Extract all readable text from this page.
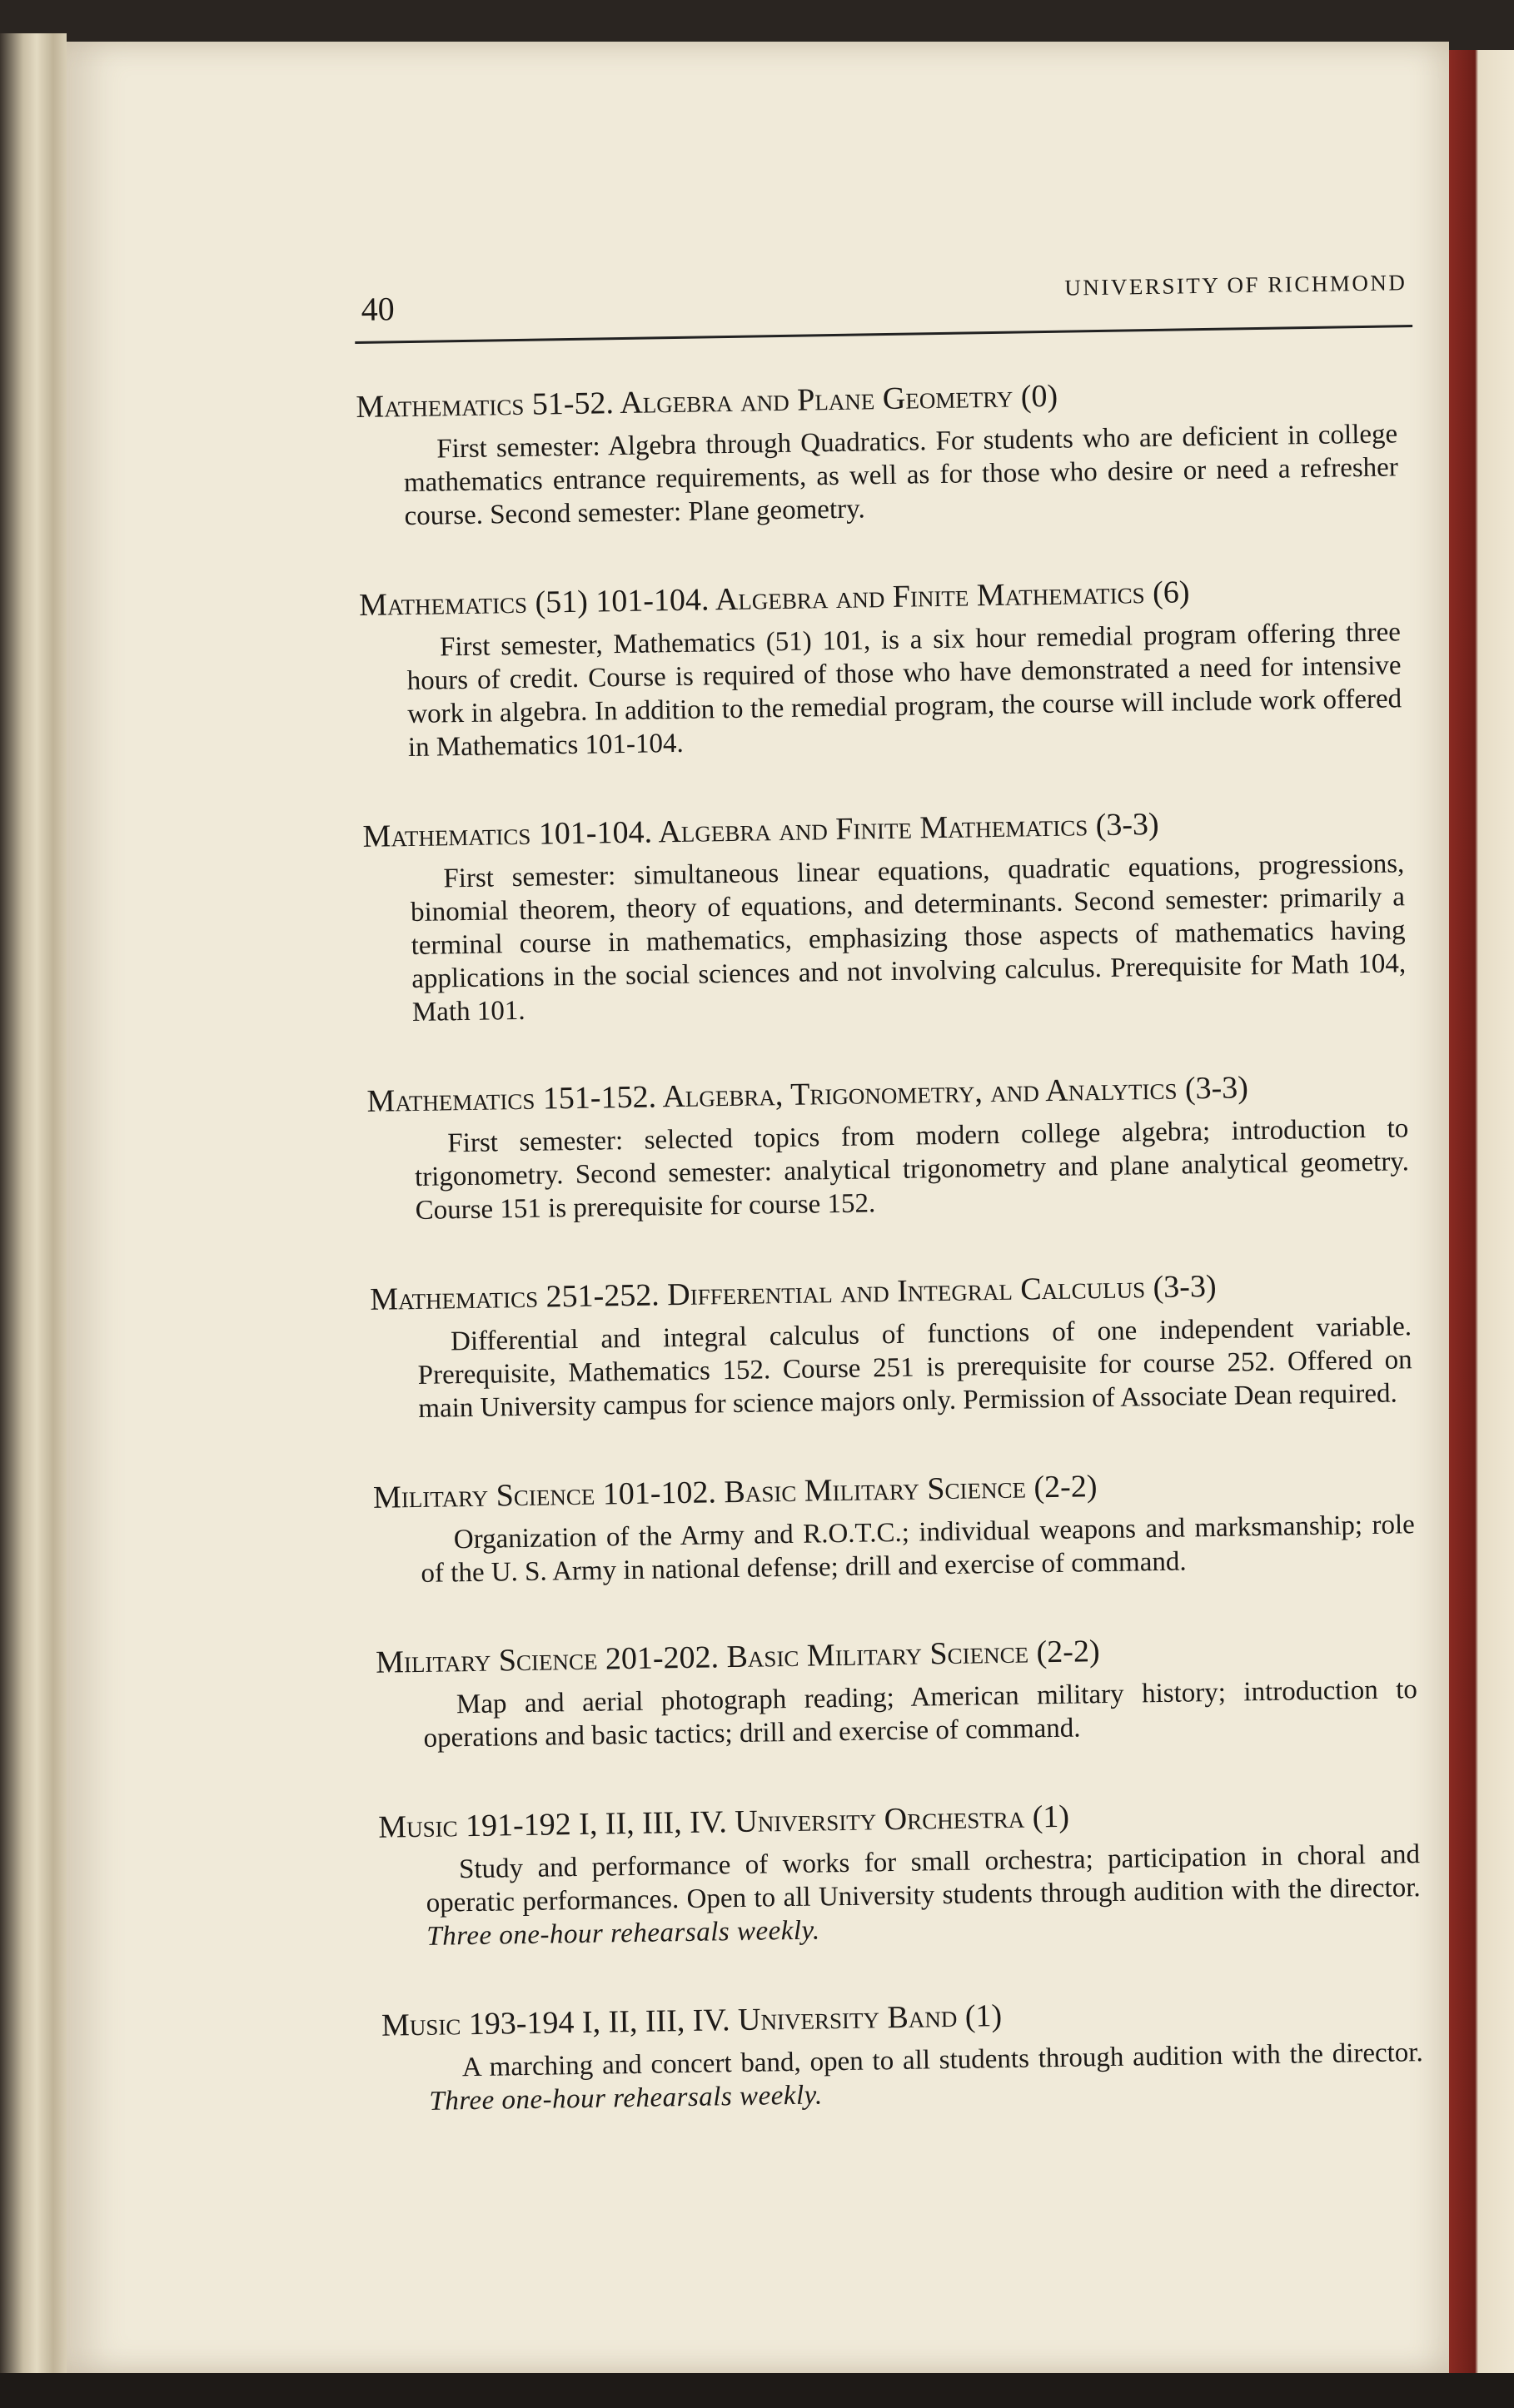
40
UNIVERSITY OF RICHMOND
Mathematics 51-52. Algebra and Plane Geometry (0)
First semester: Algebra through Quadratics. For students who are deficient in college mathematics entrance requirements, as well as for those who desire or need a refresher course. Second semester: Plane geometry.
Mathematics (51) 101-104. Algebra and Finite Mathematics (6)
First semester, Mathematics (51) 101, is a six hour remedial program offering three hours of credit. Course is required of those who have demonstrated a need for intensive work in algebra. In addition to the remedial program, the course will include work offered in Mathematics 101-104.
Mathematics 101-104. Algebra and Finite Mathematics (3-3)
First semester: simultaneous linear equations, quadratic equations, progressions, binomial theorem, theory of equations, and determinants. Second semester: primarily a terminal course in mathematics, emphasizing those aspects of mathematics having applications in the social sciences and not involving calculus. Prerequisite for Math 104, Math 101.
Mathematics 151-152. Algebra, Trigonometry, and Analytics (3-3)
First semester: selected topics from modern college algebra; introduction to trigonometry. Second semester: analytical trigonometry and plane analytical geometry. Course 151 is prerequisite for course 152.
Mathematics 251-252. Differential and Integral Calculus (3-3)
Differential and integral calculus of functions of one independent variable. Prerequisite, Mathematics 152. Course 251 is prerequisite for course 252. Offered on main University campus for science majors only. Permission of Associate Dean required.
Military Science 101-102. Basic Military Science (2-2)
Organization of the Army and R.O.T.C.; individual weapons and marksmanship; role of the U. S. Army in national defense; drill and exercise of command.
Military Science 201-202. Basic Military Science (2-2)
Map and aerial photograph reading; American military history; introduction to operations and basic tactics; drill and exercise of command.
Music 191-192 I, II, III, IV. University Orchestra (1)
Study and performance of works for small orchestra; participation in choral and operatic performances. Open to all University students through audition with the director. Three one-hour rehearsals weekly.
Music 193-194 I, II, III, IV. University Band (1)
A marching and concert band, open to all students through audition with the director. Three one-hour rehearsals weekly.
